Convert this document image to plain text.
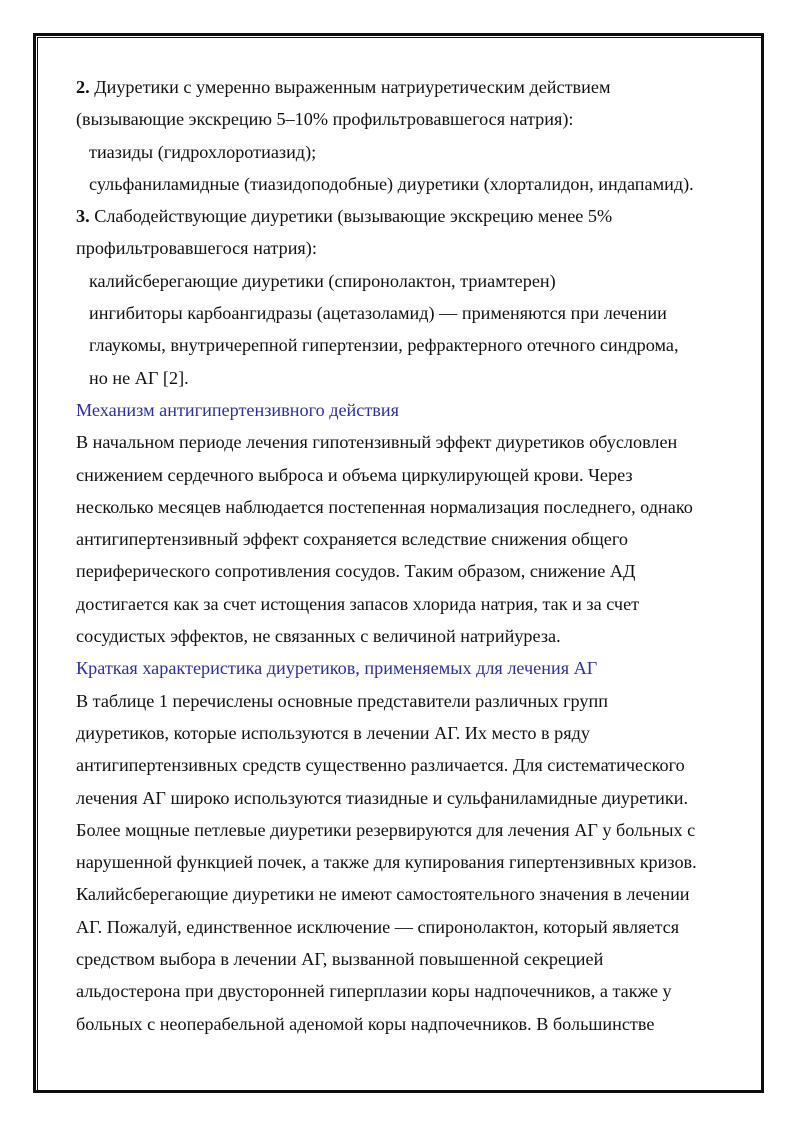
2. Диуретики с умеренно выраженным натриуретическим действием
(вызывающие экскрецию 5–10% профильтровавшегося натрия):
тиазиды (гидрохлоротиазид);
сульфаниламидные (тиазидоподобные) диуретики (хлорталидон, индапамид).
3. Слабодействующие диуретики (вызывающие экскрецию менее 5%
профильтровавшегося натрия):
калийсберегающие диуретики (спиронолактон, триамтерен)
ингибиторы карбоангидразы (ацетазоламид) — применяются при лечении
глаукомы, внутричерепной гипертензии, рефрактерного отечного синдрома,
но не АГ [2].
Механизм антигипертензивного действия
В начальном периоде лечения гипотензивный эффект диуретиков обусловлен
снижением сердечного выброса и объема циркулирующей крови. Через
несколько месяцев наблюдается постепенная нормализация последнего, однако
антигипертензивный эффект сохраняется вследствие снижения общего
периферического сопротивления сосудов. Таким образом, снижение АД
достигается как за счет истощения запасов хлорида натрия, так и за счет
сосудистых эффектов, не связанных с величиной натрийуреза.
Краткая характеристика диуретиков, применяемых для лечения АГ
В таблице 1 перечислены основные представители различных групп
диуретиков, которые используются в лечении АГ. Их место в ряду
антигипертензивных средств существенно различается. Для систематического
лечения АГ широко используются тиазидные и сульфаниламидные диуретики.
Более мощные петлевые диуретики резервируются для лечения АГ у больных с
нарушенной функцией почек, а также для купирования гипертензивных кризов.
Калийсберегающие диуретики не имеют самостоятельного значения в лечении
АГ. Пожалуй, единственное исключение — спиронолактон, который является
средством выбора в лечении АГ, вызванной повышенной секрецией
альдостерона при двусторонней гиперплазии коры надпочечников, а также у
больных с неоперабельной аденомой коры надпочечников. В большинстве
